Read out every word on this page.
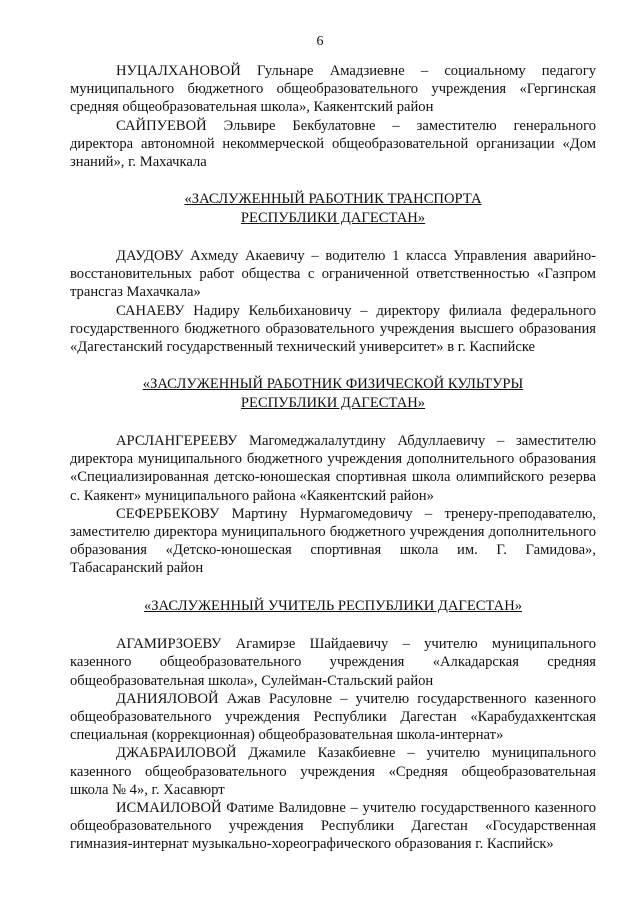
6

НУЦАЛХАНОВОЙ Гульнаре Амадзиевне – социальному педагогу муниципального бюджетного общеобразовательного учреждения «Гергинская средняя общеобразовательная школа», Каякентский район

САЙПУЕВОЙ Эльвире Бекбулатовне – заместителю генерального директора автономной некоммерческой общеобразовательной организации «Дом знаний», г. Махачкала

«ЗАСЛУЖЕННЫЙ РАБОТНИК ТРАНСПОРТА
РЕСПУБЛИКИ ДАГЕСТАН»

ДАУДОВУ Ахмеду Акаевичу – водителю 1 класса Управления аварийно-восстановительных работ общества с ограниченной ответственностью «Газпром трансгаз Махачкала»

САНАЕВУ Надиру Кельбихановичу – директору филиала федерального государственного бюджетного образовательного учреждения высшего образования «Дагестанский государственный технический университет» в г. Каспийске

«ЗАСЛУЖЕННЫЙ РАБОТНИК ФИЗИЧЕСКОЙ КУЛЬТУРЫ
РЕСПУБЛИКИ ДАГЕСТАН»

АРСЛАНГЕРЕЕВУ Магомеджалалутдину Абдуллаевичу – заместителю директора муниципального бюджетного учреждения дополнительного образования «Специализированная детско-юношеская спортивная школа олимпийского резерва с. Каякент» муниципального района «Каякентский район»

СЕФЕРБЕКОВУ Мартину Нурмагомедовичу – тренеру-преподавателю, заместителю директора муниципального бюджетного учреждения дополнительного образования «Детско-юношеская спортивная школа им. Г. Гамидова», Табасаранский район

«ЗАСЛУЖЕННЫЙ УЧИТЕЛЬ РЕСПУБЛИКИ ДАГЕСТАН»

АГАМИРЗОЕВУ Агамирзе Шайдаевичу – учителю муниципального казенного общеобразовательного учреждения «Алкадарская средняя общеобразовательная школа», Сулейман-Стальский район

ДАНИЯЛОВОЙ Ажав Расуловне – учителю государственного казенного общеобразовательного учреждения Республики Дагестан «Карабудахкентская специальная (коррекционная) общеобразовательная школа-интернат»

ДЖАБРАИЛОВОЙ Джамиле Казакбиевне – учителю муниципального казенного общеобразовательного учреждения «Средняя общеобразовательная школа № 4», г. Хасавюрт

ИСМАИЛОВОЙ Фатиме Валидовне – учителю государственного казенного общеобразовательного учреждения Республики Дагестан «Государственная гимназия-интернат музыкально-хореографического образования г. Каспийск»
